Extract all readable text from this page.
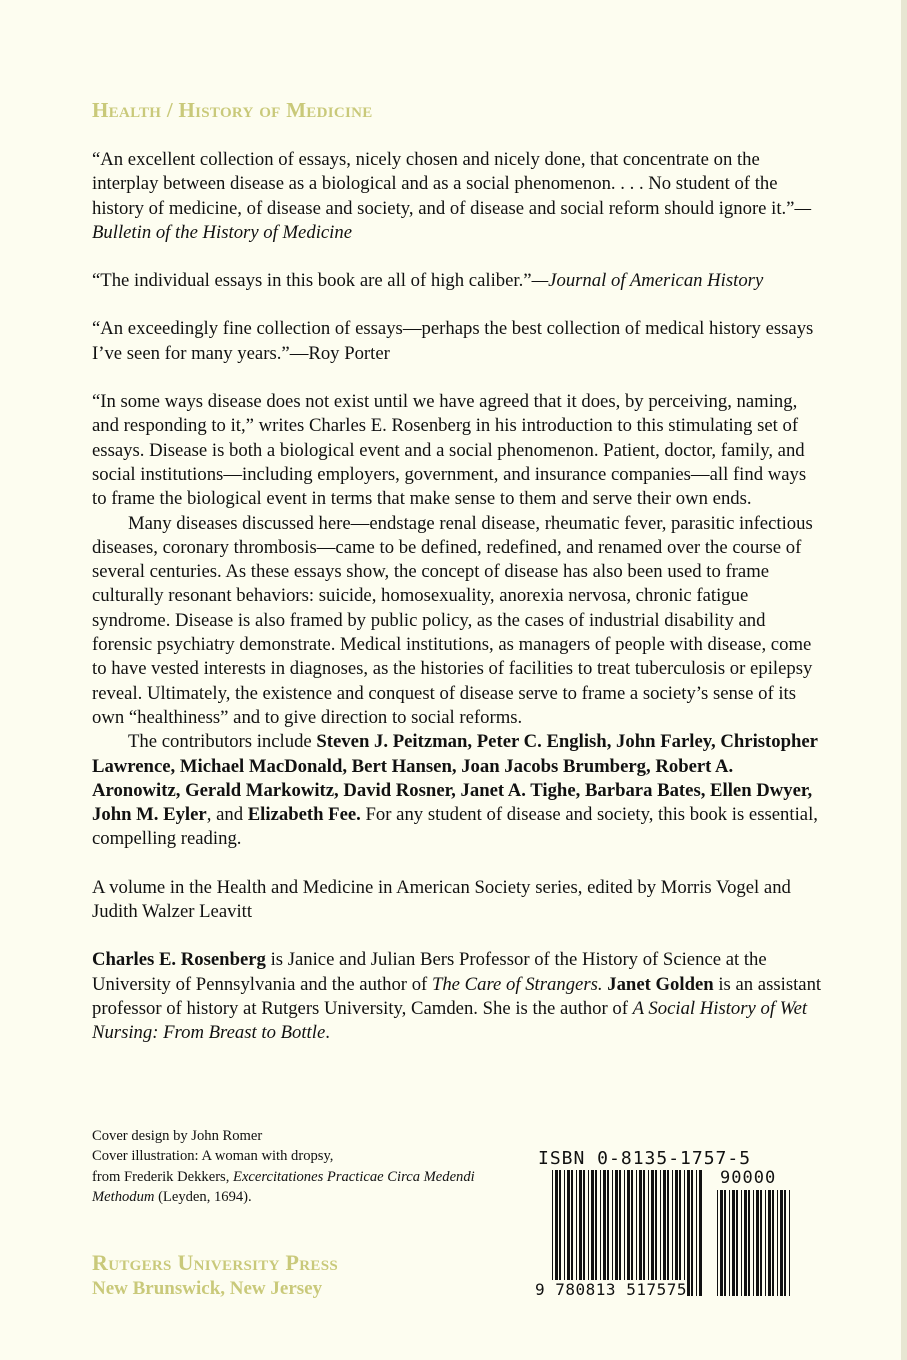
Health / History of Medicine

“An excellent collection of essays, nicely chosen and nicely done, that concentrate on the interplay between disease as a biological and as a social phenomenon. . . . No student of the history of medicine, of disease and society, and of disease and social reform should ignore it.”—Bulletin of the History of Medicine

“The individual essays in this book are all of high caliber.”—Journal of American History

“An exceedingly fine collection of essays—perhaps the best collection of medical history essays I’ve seen for many years.”—Roy Porter

“In some ways disease does not exist until we have agreed that it does, by perceiving, naming, and responding to it,” writes Charles E. Rosenberg in his introduction to this stimulating set of essays. Disease is both a biological event and a social phenomenon. Patient, doctor, family, and social institutions—including employers, government, and insurance companies—all find ways to frame the biological event in terms that make sense to them and serve their own ends.

Many diseases discussed here—endstage renal disease, rheumatic fever, parasitic infectious diseases, coronary thrombosis—came to be defined, redefined, and renamed over the course of several centuries. As these essays show, the concept of disease has also been used to frame culturally resonant behaviors: suicide, homosexuality, anorexia nervosa, chronic fatigue syndrome. Disease is also framed by public policy, as the cases of industrial disability and forensic psychiatry demonstrate. Medical institutions, as managers of people with disease, come to have vested interests in diagnoses, as the histories of facilities to treat tuberculosis or epilepsy reveal. Ultimately, the existence and conquest of disease serve to frame a society’s sense of its own “healthiness” and to give direction to social reforms.

The contributors include Steven J. Peitzman, Peter C. English, John Farley, Christopher Lawrence, Michael MacDonald, Bert Hansen, Joan Jacobs Brumberg, Robert A. Aronowitz, Gerald Markowitz, David Rosner, Janet A. Tighe, Barbara Bates, Ellen Dwyer, John M. Eyler, and Elizabeth Fee. For any student of disease and society, this book is essential, compelling reading.

A volume in the Health and Medicine in American Society series, edited by Morris Vogel and Judith Walzer Leavitt

Charles E. Rosenberg is Janice and Julian Bers Professor of the History of Science at the University of Pennsylvania and the author of The Care of Strangers. Janet Golden is an assistant professor of history at Rutgers University, Camden. She is the author of A Social History of Wet Nursing: From Breast to Bottle.

Cover design by John Romer
Cover illustration: A woman with dropsy,
from Frederik Dekkers, Excercitationes Practicae Circa Medendi Methodum (Leyden, 1694).
Rutgers University Press
New Brunswick, New Jersey
ISBN 0-8135-1757-5
90000
9 780813 517575
